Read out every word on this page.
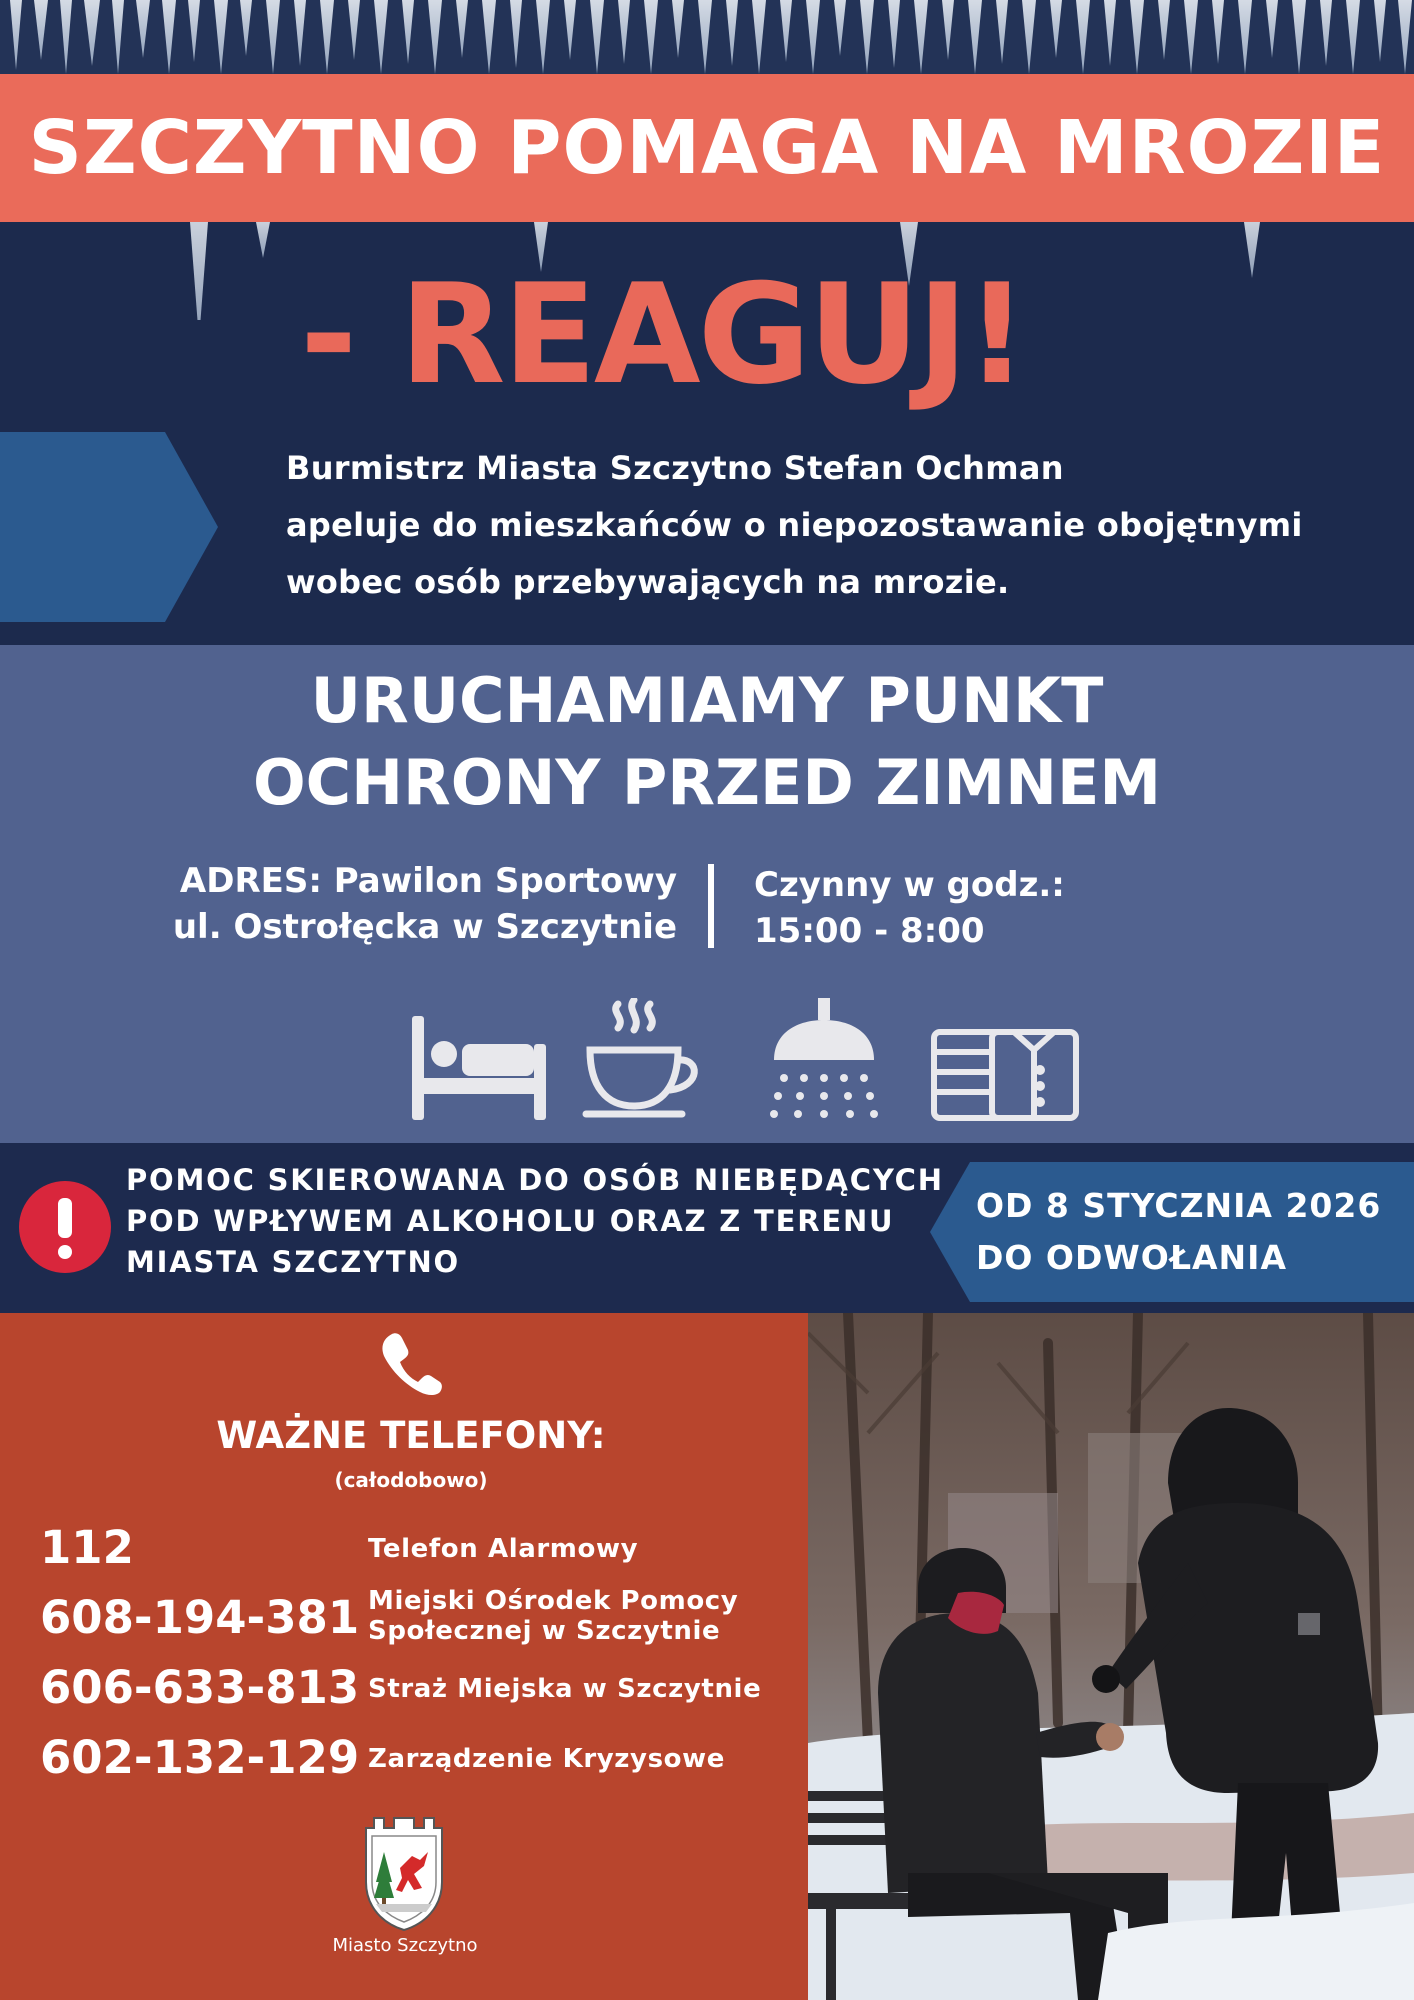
SZCZYTNO POMAGA NA MROZIE
- REAGUJ!
Burmistrz Miasta Szczytno Stefan Ochman
apeluje do mieszkańców o niepozostawanie obojętnymi
wobec osób przebywających na mrozie.
URUCHAMIAMY PUNKT
OCHRONY PRZED ZIMNEM
ADRES: Pawilon Sportowy
ul. Ostrołęcka w Szczytnie
Czynny w godz.:
15:00 - 8:00
POMOC SKIEROWANA DO OSÓB NIEBĘDĄCYCH
POD WPŁYWEM ALKOHOLU ORAZ Z TERENU
MIASTA SZCZYTNO
OD 8 STYCZNIA 2026
DO ODWOŁANIA
WAŻNE TELEFONY:
(całodobowo)
112	Telefon Alarmowy
608-194-381 Miejski Ośrodek Pomocy
Społecznej w Szczytnie
606-633-813 Straż Miejska w Szczytnie
602-132-129 Zarządzenie Kryzysowe
Miasto Szczytno
